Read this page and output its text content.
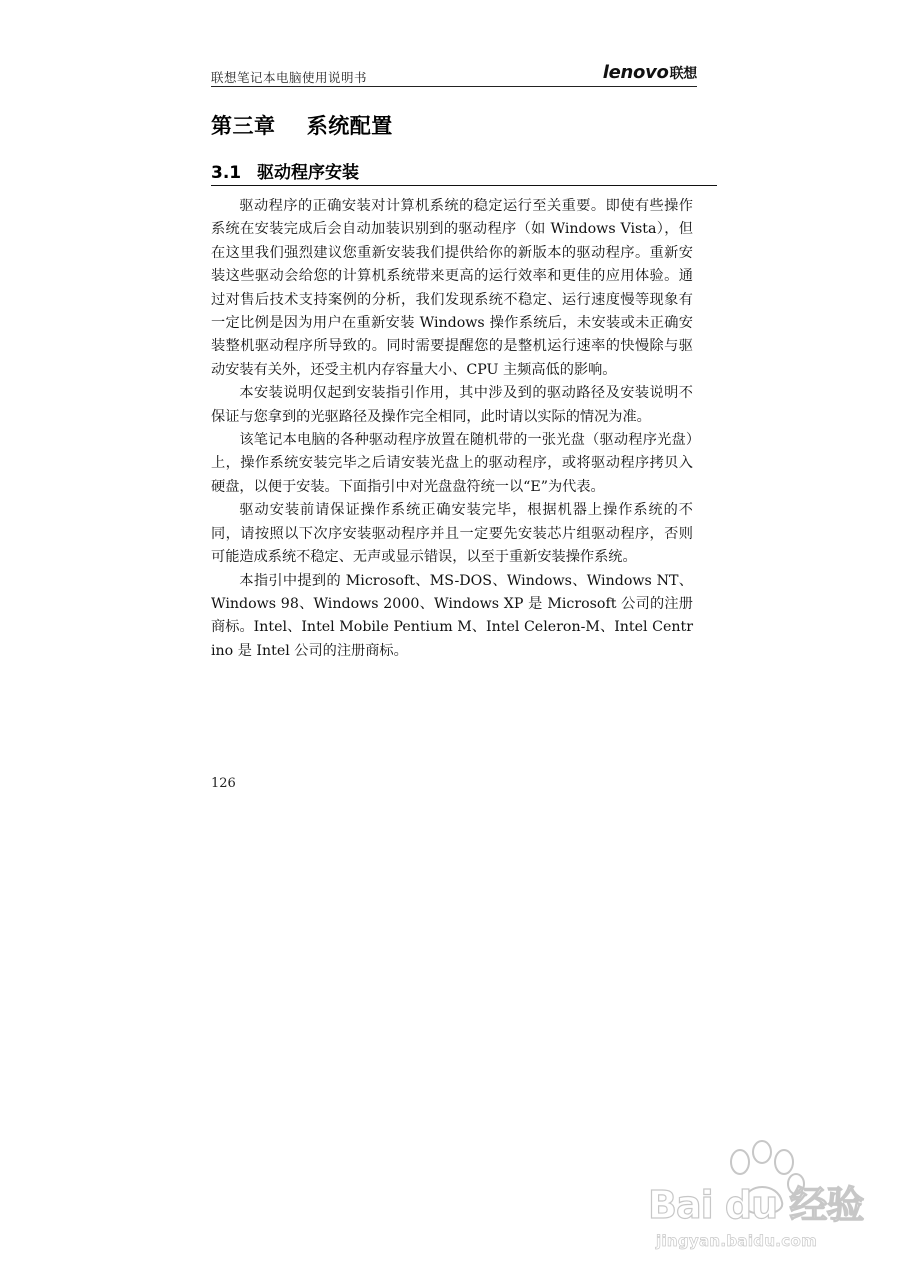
联想笔记本电脑使用说明书	lenovo联想
第三章    系统配置
3.1 驱动程序安装

驱动程序的正确安装对计算机系统的稳定运行至关重要。即使有些操作系统在安装完成后会自动加装识别到的驱动程序（如 Windows Vista），但在这里我们强烈建议您重新安装我们提供给你的新版本的驱动程序。重新安装这些驱动会给您的计算机系统带来更高的运行效率和更佳的应用体验。通过对售后技术支持案例的分析，我们发现系统不稳定、运行速度慢等现象有一定比例是因为用户在重新安装 Windows 操作系统后，未安装或未正确安装整机驱动程序所导致的。同时需要提醒您的是整机运行速率的快慢除与驱动安装有关外，还受主机内存容量大小、CPU 主频高低的影响。

本安装说明仅起到安装指引作用，其中涉及到的驱动路径及安装说明不保证与您拿到的光驱路径及操作完全相同，此时请以实际的情况为准。

该笔记本电脑的各种驱动程序放置在随机带的一张光盘（驱动程序光盘）上，操作系统安装完毕之后请安装光盘上的驱动程序，或将驱动程序拷贝入硬盘，以便于安装。下面指引中对光盘盘符统一以“E”为代表。

驱动安装前请保证操作系统正确安装完毕，根据机器上操作系统的不同，请按照以下次序安装驱动程序并且一定要先安装芯片组驱动程序，否则可能造成系统不稳定、无声或显示错误，以至于重新安装操作系统。

本指引中提到的 Microsoft、MS-DOS、Windows、Windows NT、Windows 98、Windows 2000、Windows XP 是 Microsoft 公司的注册商标。Intel、Intel Mobile Pentium M、Intel Celeron-M、Intel Centrino 是 Intel 公司的注册商标。

126
Bai du 经验
jingyan.baidu.com
